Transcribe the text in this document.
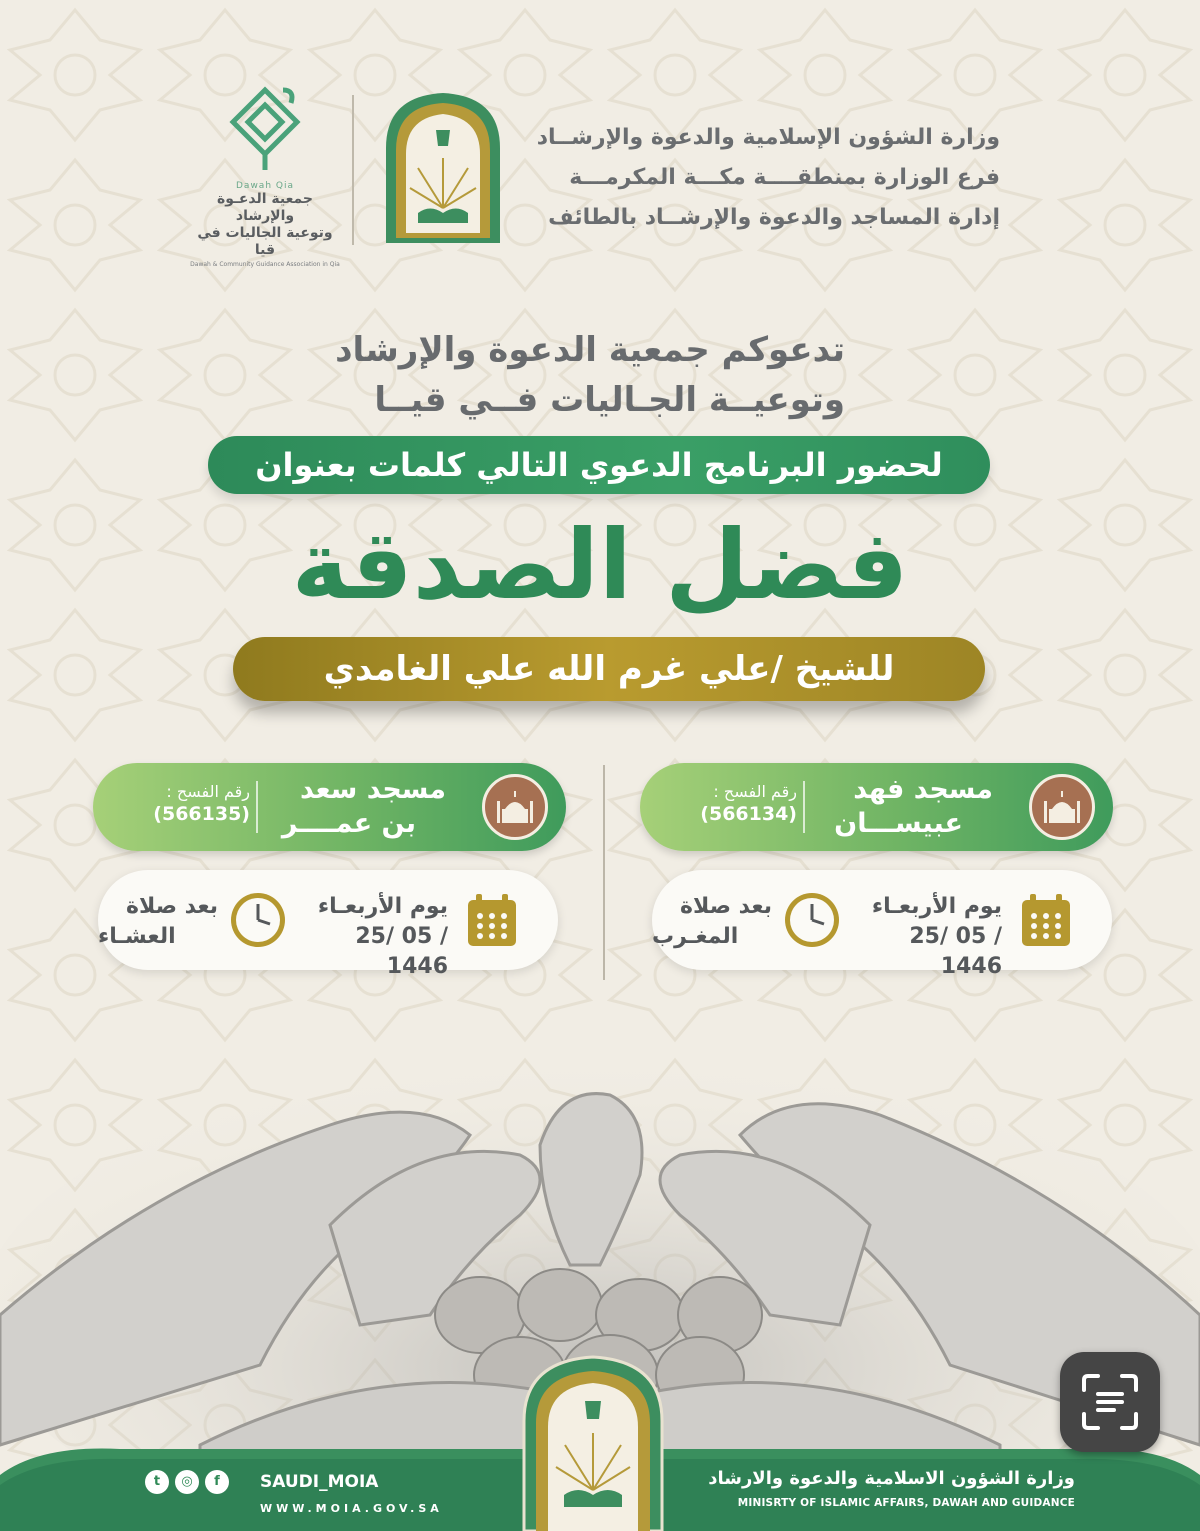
وزارة الشؤون الإسلامية والدعوة والإرشــاد
فرع الوزارة بمنطقــــة مكـــة المكرمـــة
إدارة المساجد والدعوة والإرشــاد بالطائف
Dawah Qia
جمعية الدعـوة والإرشاد
وتوعية الجاليات في قيا
Dawah & Community Guidance Association in Qia
تدعوكم جمعية الدعوة والإرشاد
وتوعيــة الجـاليات فــي قيــا
لحضور البرنامج الدعوي التالي كلمات بعنوان
فضل الصدقة
للشيخ /علي غرم الله علي الغامدي
مسجد فهد
عبيســـان
رقم الفسح :
(566134)
يوم الأربعـاء
25/ 05 / 1446
بعد صلاة
المغـرب
مسجد سعد
بن عمــــر
رقم الفسح :
(566135)
يوم الأربعـاء
25/ 05 / 1446
بعد صلاة
العشـاء
t ◎ f	SAUDI_MOIA
WWW.MOIA.GOV.SA
وزارة الشؤون الاسلامية والدعوة والارشاد
MINISRTY OF ISLAMIC AFFAIRS, DAWAH AND GUIDANCE
